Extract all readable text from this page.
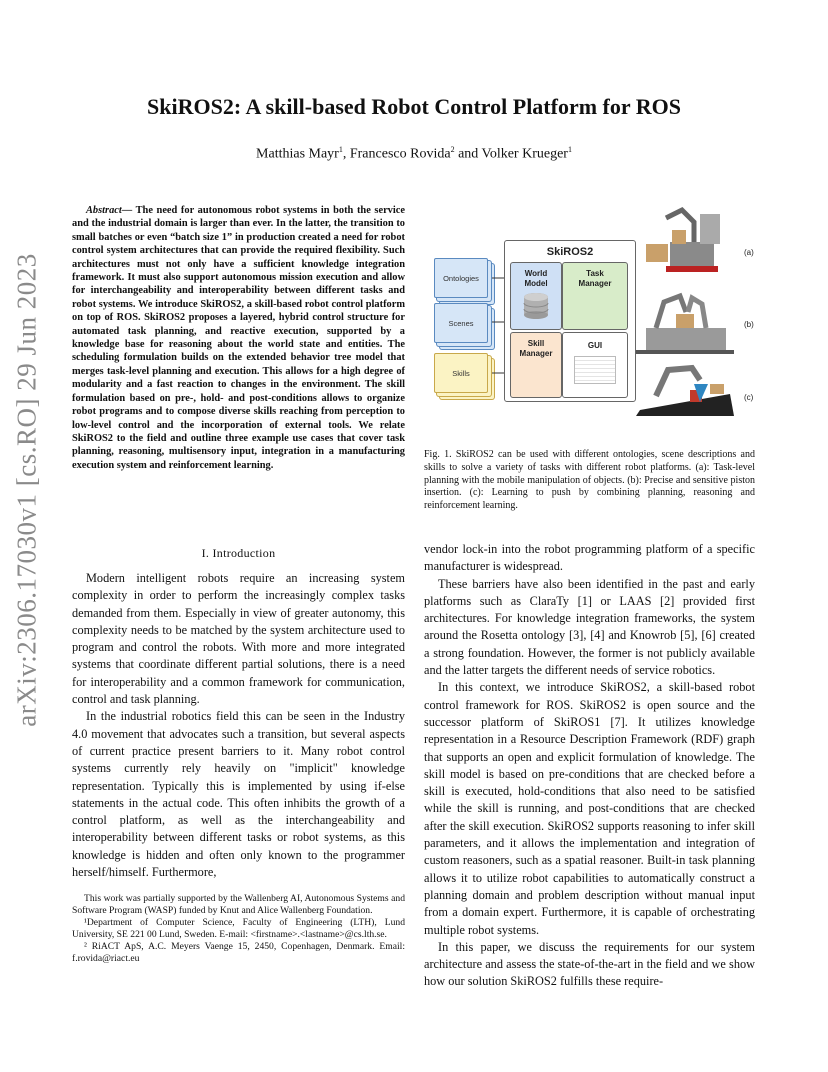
arXiv:2306.17030v1 [cs.RO] 29 Jun 2023
SkiROS2: A skill-based Robot Control Platform for ROS
Matthias Mayr$^1$, Francesco Rovida$^2$ and Volker Krueger$^1$
Abstract— The need for autonomous robot systems in both the service and the industrial domain is larger than ever. In the latter, the transition to small batches or even “batch size 1” in production created a need for robot control system architectures that can provide the required flexibility. Such architectures must not only have a sufficient knowledge integration framework. It must also support autonomous mission execution and allow for interchangeability and interoperability between different tasks and robot systems. We introduce SkiROS2, a skill-based robot control platform on top of ROS. SkiROS2 proposes a layered, hybrid control structure for automated task planning, and reactive execution, supported by a knowledge base for reasoning about the world state and entities. The scheduling formulation builds on the extended behavior tree model that merges task-level planning and execution. This allows for a high degree of modularity and a fast reaction to changes in the environment. The skill formulation based on pre-, hold- and post-conditions allows to organize robot programs and to compose diverse skills reaching from perception to low-level control and the incorporation of external tools. We relate SkiROS2 to the field and outline three example use cases that cover task planning, reasoning, multisensory input, integration in a manufacturing execution system and reinforcement learning.
Ontologies
Scenes
Skills
SkiROS2
World Model
Task Manager
Skill Manager
GUI
(a)
(b)
(c)
Fig. 1. SkiROS2 can be used with different ontologies, scene descriptions and skills to solve a variety of tasks with different robot platforms. (a): Task-level planning with the mobile manipulation of objects. (b): Precise and sensitive piston insertion. (c): Learning to push by combining planning, reasoning and reinforcement learning.
I. Introduction

Modern intelligent robots require an increasing system complexity in order to perform the increasingly complex tasks demanded from them. Especially in view of greater autonomy, this complexity needs to be matched by the system architecture used to program and control the robots. With more and more integrated systems that coordinate different partial solutions, there is a need for interoperability and a common framework for communication, control and task planning.

In the industrial robotics field this can be seen in the Industry 4.0 movement that advocates such a transition, but several aspects of current practice present barriers to it. Many robot control systems currently rely heavily on "implicit" knowledge representation. Typically this is implemented by using if-else statements in the actual code. This often inhibits the growth of a control platform, as well as the interchangeability and interoperability between different tasks or robot systems, as this knowledge is hidden and often only known to the programmer herself/himself. Furthermore,

This work was partially supported by the Wallenberg AI, Autonomous Systems and Software Program (WASP) funded by Knut and Alice Wallenberg Foundation.

¹Department of Computer Science, Faculty of Engineering (LTH), Lund University, SE 221 00 Lund, Sweden. E-mail: <firstname>.<lastname>@cs.lth.se.

² RiACT ApS, A.C. Meyers Vaenge 15, 2450, Copenhagen, Denmark. Email: f.rovida@riact.eu

vendor lock-in into the robot programming platform of a specific manufacturer is widespread.

These barriers have also been identified in the past and early platforms such as ClaraTy [1] or LAAS [2] provided first architectures. For knowledge integration frameworks, the system around the Rosetta ontology [3], [4] and Knowrob [5], [6] created a strong foundation. However, the former is not publicly available and the latter targets the different needs of service robotics.

In this context, we introduce SkiROS2, a skill-based robot control framework for ROS. SkiROS2 is open source and the successor platform of SkiROS1 [7]. It utilizes knowledge representation in a Resource Description Framework (RDF) graph that supports an open and explicit formulation of knowledge. The skill model is based on pre-conditions that are checked before a skill is executed, hold-conditions that also need to be satisfied while the skill is running, and post-conditions that are checked after the skill execution. SkiROS2 supports reasoning to infer skill parameters, and it allows the implementation and integration of custom reasoners, such as a spatial reasoner. Built-in task planning allows it to utilize robot capabilities to automatically construct a planning domain and problem description without manual input from a domain expert. Furthermore, it is capable of orchestrating multiple robot systems.

In this paper, we discuss the requirements for our system architecture and assess the state-of-the-art in the field and we show how our solution SkiROS2 fulfills these require-
